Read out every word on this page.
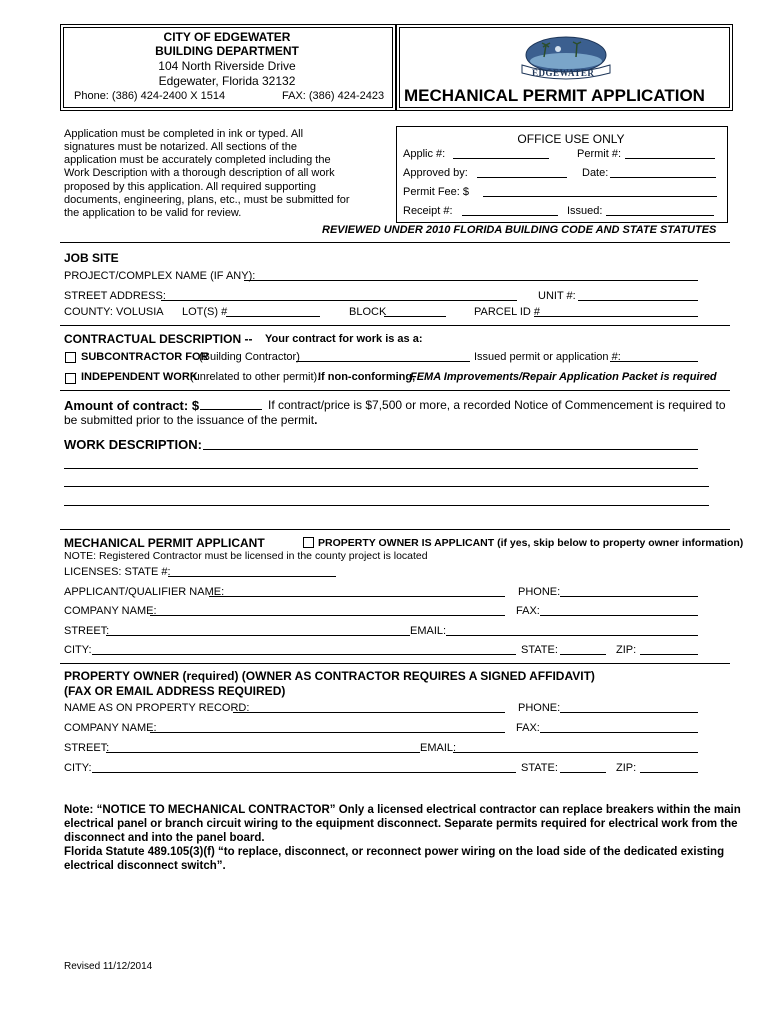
CITY OF EDGEWATER
BUILDING DEPARTMENT
104 North Riverside Drive
Edgewater, Florida 32132
Phone: (386) 424-2400 X 1514	FAX: (386) 424-2423
EDGEWATER
MECHANICAL PERMIT APPLICATION
Application must be completed in ink or typed. All
signatures must be notarized. All sections of the
application must be accurately completed including the
Work Description with a thorough description of all work
proposed by this application. All required supporting
documents, engineering, plans, etc., must be submitted for
the application to be valid for review.
OFFICE USE ONLY
Applic #:	Permit #:
Approved by:	Date:
Permit Fee: $
Receipt #:	Issued:
REVIEWED UNDER 2010 FLORIDA BUILDING CODE AND STATE STATUTES
JOB SITE
PROJECT/COMPLEX NAME (IF ANY):
STREET ADDRESS:	UNIT #:
COUNTY: VOLUSIA LOT(S) #	BLOCK	PARCEL ID #
CONTRACTUAL DESCRIPTION -- Your contract for work is as a:
SUBCONTRACTOR FOR
(Building Contractor)	Issued permit or application #:
INDEPENDENT WORK
(unrelated to other permit).
If non-conforming,
FEMA Improvements/Repair Application Packet is required
Amount of contract: $	If contract/price is $7,500 or more, a recorded Notice of Commencement is required to
be submitted prior to the issuance of the permit.
WORK DESCRIPTION:
MECHANICAL PERMIT APPLICANT	PROPERTY OWNER IS APPLICANT (if yes, skip below to property owner information)
NOTE: Registered Contractor must be licensed in the county project is located
LICENSES: STATE #:
APPLICANT/QUALIFIER NAME:	PHONE:
COMPANY NAME:	FAX:
STREET:	EMAIL:
CITY:	STATE:	ZIP:
PROPERTY OWNER (required) (OWNER AS CONTRACTOR REQUIRES A SIGNED AFFIDAVIT)
(FAX OR EMAIL ADDRESS REQUIRED)
NAME AS ON PROPERTY RECORD:	PHONE:
COMPANY NAME:	FAX:
STREET:	EMAIL:
CITY:	STATE:	ZIP:
Note: “NOTICE TO MECHANICAL CONTRACTOR” Only a licensed electrical contractor can replace breakers within the main
electrical panel or branch circuit wiring to the equipment disconnect. Separate permits required for electrical work from the
disconnect and into the panel board.
Florida Statute 489.105(3)(f) “to replace, disconnect, or reconnect power wiring on the load side of the dedicated existing
electrical disconnect switch”.
Revised 11/12/2014
